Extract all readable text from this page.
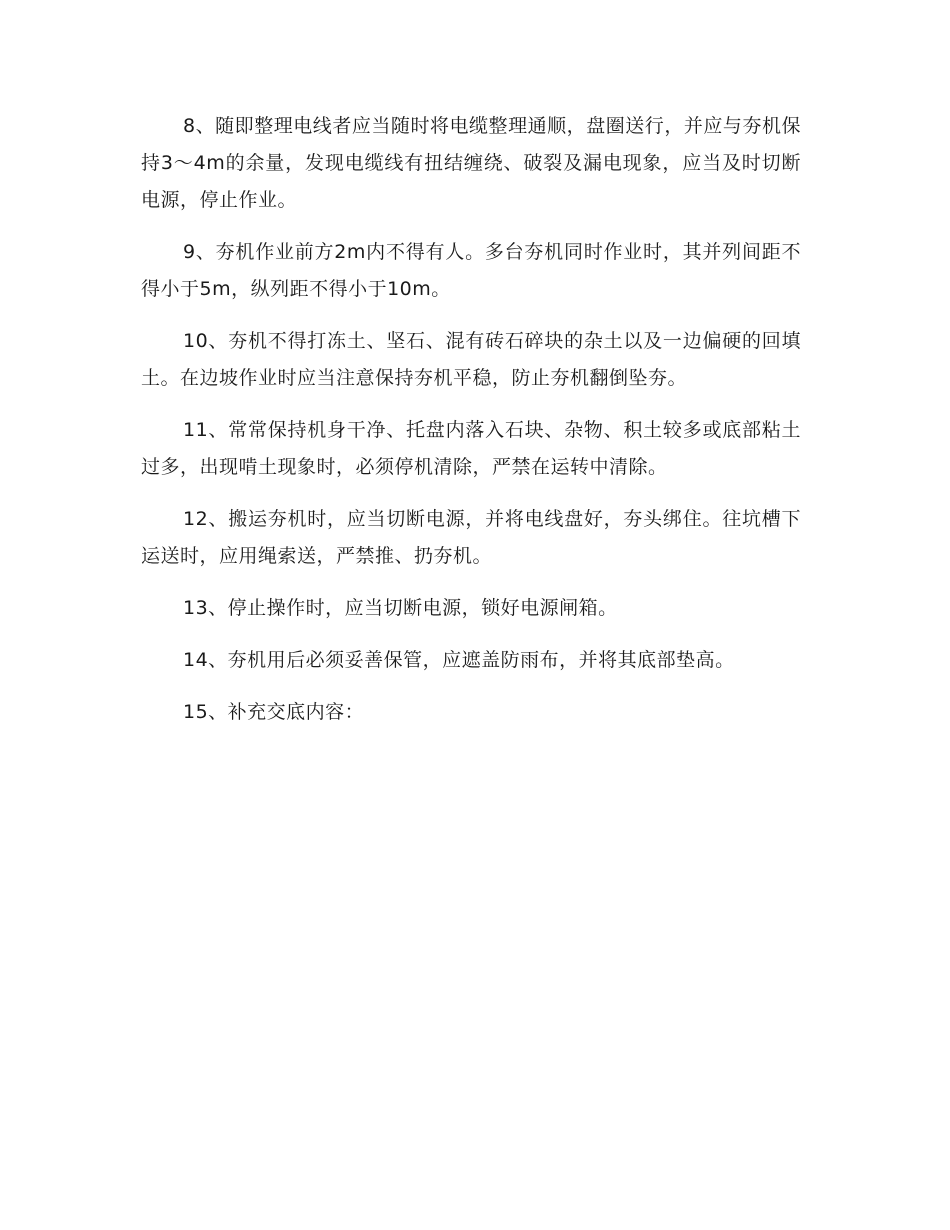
8、随即整理电线者应当随时将电缆整理通顺，盘圈送行，并应与夯机保持3～4m的余量，发现电缆线有扭结缠绕、破裂及漏电现象，应当及时切断电源，停止作业。

9、夯机作业前方2m内不得有人。多台夯机同时作业时，其并列间距不得小于5m，纵列距不得小于10m。

10、夯机不得打冻土、坚石、混有砖石碎块的杂土以及一边偏硬的回填土。在边坡作业时应当注意保持夯机平稳，防止夯机翻倒坠夯。

11、常常保持机身干净、托盘内落入石块、杂物、积土较多或底部粘土过多，出现啃土现象时，必须停机清除，严禁在运转中清除。

12、搬运夯机时，应当切断电源，并将电线盘好，夯头绑住。往坑槽下运送时，应用绳索送，严禁推、扔夯机。

13、停止操作时，应当切断电源，锁好电源闸箱。

14、夯机用后必须妥善保管，应遮盖防雨布，并将其底部垫高。

15、补充交底内容：
